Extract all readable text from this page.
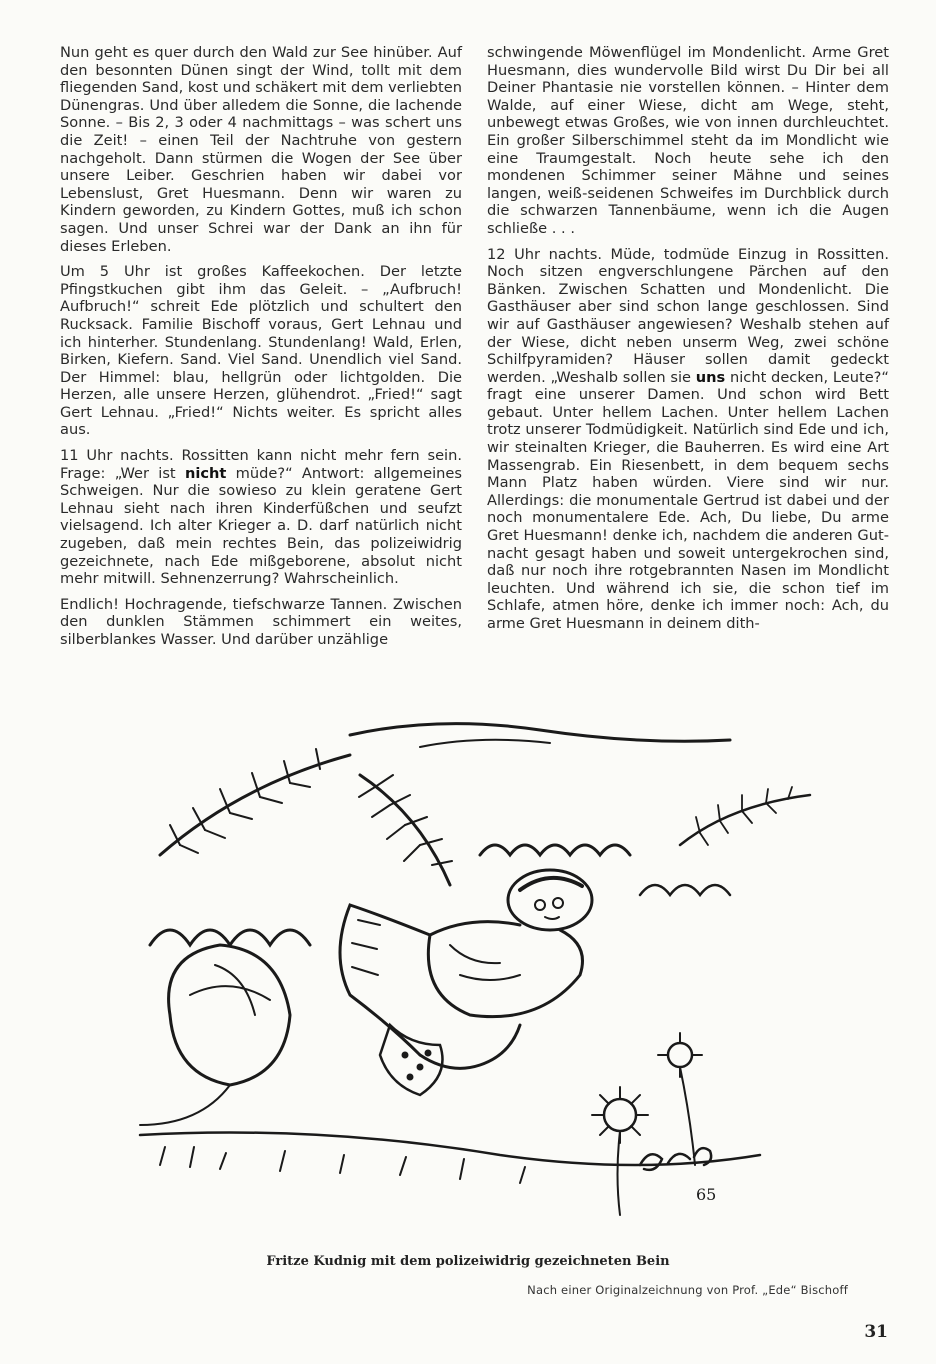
Nun geht es quer durch den Wald zur See hinüber. Auf den besonnten Dünen singt der Wind, tollt mit dem fliegenden Sand, kost und schäkert mit dem verliebten Dünengras. Und über alledem die Sonne, die lachende Sonne. – Bis 2, 3 oder 4 nachmittags – was schert uns die Zeit! – einen Teil der Nachtruhe von gestern nachgeholt. Dann stürmen die Wogen der See über unsere Leiber. Geschrien haben wir dabei vor Lebenslust, Gret Huesmann. Denn wir waren zu Kindern geworden, zu Kindern Gottes, muß ich schon sagen. Und unser Schrei war der Dank an ihn für dieses Erleben.

Um 5 Uhr ist großes Kaffeekochen. Der letzte Pfingstkuchen gibt ihm das Geleit. – „Aufbruch! Aufbruch!“ schreit Ede plötzlich und schultert den Rucksack. Familie Bischoff voraus, Gert Lehnau und ich hinterher. Stundenlang. Stundenlang! Wald, Erlen, Birken, Kiefern. Sand. Viel Sand. Unendlich viel Sand. Der Himmel: blau, hellgrün oder lichtgolden. Die Herzen, alle unsere Herzen, glühendrot. „Fried!“ sagt Gert Lehnau. „Fried!“ Nichts weiter. Es spricht alles aus.

11 Uhr nachts. Rossitten kann nicht mehr fern sein. Frage: „Wer ist nicht müde?“ Antwort: allgemeines Schweigen. Nur die sowieso zu klein geratene Gert Lehnau sieht nach ihren Kinderfüßchen und seufzt vielsagend. Ich alter Krieger a. D. darf natürlich nicht zugeben, daß mein rechtes Bein, das polizeiwidrig gezeichnete, nach Ede mißgeborene, absolut nicht mehr mitwill. Sehnenzerrung? Wahrscheinlich.

Endlich! Hochragende, tiefschwarze Tannen. Zwischen den dunklen Stämmen schimmert ein weites, silberblankes Wasser. Und darüber unzählige

schwingende Möwenflügel im Mondenlicht. Arme Gret Huesmann, dies wundervolle Bild wirst Du Dir bei all Deiner Phantasie nie vorstellen können. – Hinter dem Walde, auf einer Wiese, dicht am Wege, steht, unbewegt etwas Großes, wie von innen durchleuchtet. Ein großer Silberschimmel steht da im Mondlicht wie eine Traumgestalt. Noch heute sehe ich den mondenen Schimmer seiner Mähne und seines langen, weiß-seidenen Schweifes im Durchblick durch die schwarzen Tannenbäume, wenn ich die Augen schließe . . .

12 Uhr nachts. Müde, todmüde Einzug in Rossitten. Noch sitzen engverschlungene Pärchen auf den Bänken. Zwischen Schatten und Mondenlicht. Die Gasthäuser aber sind schon lange geschlossen. Sind wir auf Gasthäuser angewiesen? Weshalb stehen auf der Wiese, dicht neben unserm Weg, zwei schöne Schilfpyramiden? Häuser sollen damit gedeckt werden. „Weshalb sollen sie uns nicht decken, Leute?“ fragt eine unserer Damen. Und schon wird Bett gebaut. Unter hellem Lachen. Unter hellem Lachen trotz unserer Todmüdigkeit. Natürlich sind Ede und ich, wir steinalten Krieger, die Bauherren. Es wird eine Art Massengrab. Ein Riesenbett, in dem bequem sechs Mann Platz haben würden. Viere sind wir nur. Allerdings: die monumentale Gertrud ist dabei und der noch monumentalere Ede. Ach, Du liebe, Du arme Gret Huesmann! denke ich, nachdem die anderen Gutnacht gesagt haben und soweit untergekrochen sind, daß nur noch ihre rotgebrannten Nasen im Mondlicht leuchten. Und während ich sie, die schon tief im Schlafe, atmen höre, denke ich immer noch: Ach, du arme Gret Huesmann in deinem dith-

65
Fritze Kudnig mit dem polizeiwidrig gezeichneten Bein
Nach einer Originalzeichnung von Prof. „Ede“ Bischoff
31
